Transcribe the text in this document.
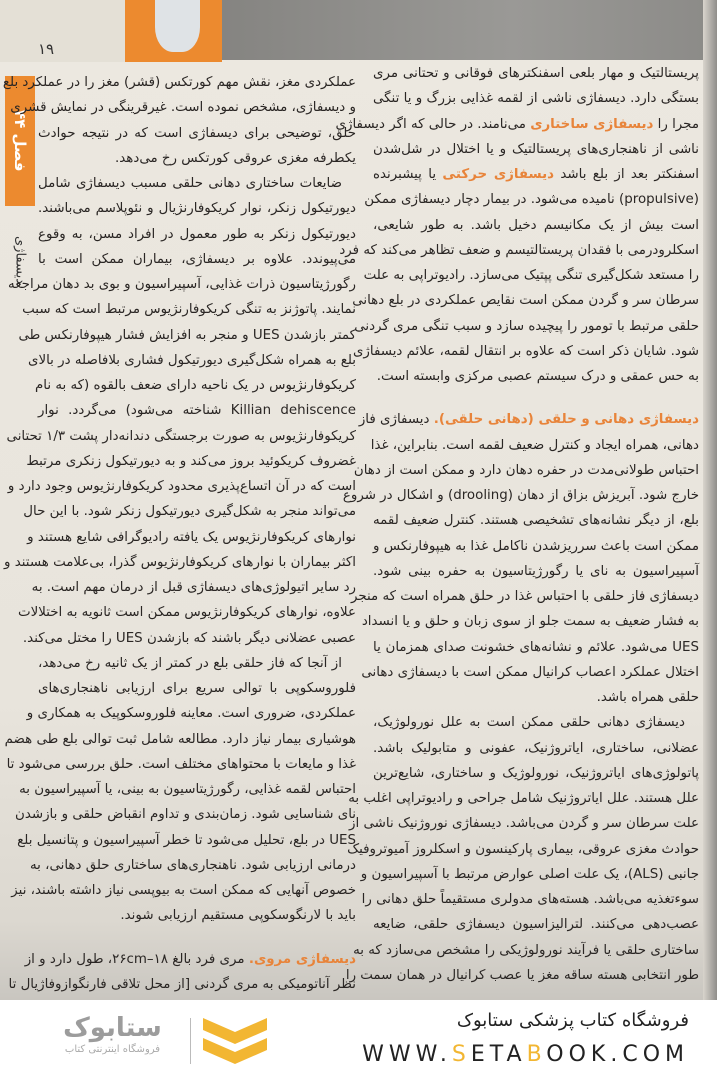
۱۹
فصل ۴۴
دیسفاژی
عملکردی مغز، نقش مهم کورتکس (قشر) مغز را در عملکرد بلع
و دیسفاژی، مشخص نموده است. غیرقرینگی در نمایش قشری
حلق، توضیحی برای دیسفاژی است که در نتیجه حوادث
یکطرفه مغزی عروقی کورتکس رخ می‌دهد.
ضایعات ساختاری دهانی حلقی مسبب دیسفاژی شامل
دیورتیکول زنکر، نوار کریکوفارنژیال و نئوپلاسم می‌باشند.
دیورتیکول زنکر به طور معمول در افراد مسن، به وقوع
می‌پیوندد. علاوه بر دیسفاژی، بیماران ممکن است با
رگورژیتاسیون ذرات غذایی، آسپیراسیون و بوی بد دهان مراجعه
نمایند. پاتوژنز به تنگی کریکوفارنژیوس مرتبط است که سبب
کمتر بازشدن UES و منجر به افزایش فشار هیپوفارنکس طی
بلع به همراه شکل‌گیری دیورتیکول فشاری بلافاصله در بالای
کریکوفارنژیوس در یک ناحیه دارای ضعف بالقوه (که به نام
Killian dehiscence شناخته می‌شود) می‌گردد. نوار
کریکوفارنژیوس به صورت برجستگی دندانه‌دار پشت ۱/۳ تحتانی
غضروف کریکوئید بروز می‌کند و به دیورتیکول زنکری مرتبط
است که در آن اتساع‌پذیری محدود کریکوفارنژیوس وجود دارد و
می‌تواند منجر به شکل‌گیری دیورتیکول زنکر شود. با این حال
نوارهای کریکوفارنژیوس یک یافته رادیوگرافی شایع هستند و
اکثر بیماران با نوارهای کریکوفارنژیوس گذرا، بی‌علامت هستند و
رد سایر اتیولوژی‌های دیسفاژی قبل از درمان مهم است. به
علاوه، نوارهای کریکوفارنژیوس ممکن است ثانویه به اختلالات
عصبی عضلانی دیگر باشند که بازشدن UES را مختل می‌کند.
از آنجا که فاز حلقی بلع در کمتر از یک ثانیه رخ می‌دهد،
فلوروسکوپی با توالی سریع برای ارزیابی ناهنجاری‌های
عملکردی، ضروری است. معاینه فلوروسکوپیک به همکاری و
هوشیاری بیمار نیاز دارد. مطالعه شامل ثبت توالی بلع طی هضم
غذا و مایعات با محتواهای مختلف است. حلق بررسی می‌شود تا
احتباس لقمه غذایی، رگورژیتاسیون به بینی، یا آسپیراسیون به
نای شناسایی شود. زمان‌بندی و تداوم انقباض حلقی و بازشدن
UES در بلع، تحلیل می‌شود تا خطر آسپیراسیون و پتانسیل بلع
درمانی ارزیابی شود. ناهنجاری‌های ساختاری حلق دهانی، به
خصوص آنهایی که ممکن است به بیوپسی نیاز داشته باشند، نیز
باید با لارنگوسکوپی مستقیم ارزیابی شوند.
دیسفاژی مروی. مری فرد بالغ ۱۸–۲۶cm، طول دارد و از
نظر آناتومیکی به مری گردنی [از محل تلاقی فارنگوازوفاژیال تا
پریستالتیک و مهار بلعی اسفنکترهای فوقانی و تحتانی مری
بستگی دارد. دیسفاژی ناشی از لقمه غذایی بزرگ و یا تنگی
مجرا را دیسفاژی ساختاری می‌نامند. در حالی که اگر دیسفاژی
ناشی از ناهنجاری‌های پریستالتیک و یا اختلال در شل‌شدن
اسفنکتر بعد از بلع باشد دیسفاژی حرکتی یا پیشبرنده
(propulsive) نامیده می‌شود. در بیمار دچار دیسفاژی ممکن
است بیش از یک مکانیسم دخیل باشد. به طور شایعی،
اسکلرودرمی با فقدان پریستالتیسم و ضعف تظاهر می‌کند که فرد
را مستعد شکل‌گیری تنگی پپتیک می‌سازد. رادیوتراپی به علت
سرطان سر و گردن ممکن است نقایص عملکردی در بلع دهانی
حلقی مرتبط با تومور را پیچیده سازد و سبب تنگی مری گردنی
شود. شایان ذکر است که علاوه بر انتقال لقمه، علائم دیسفاژی
به حس عمقی و درک سیستم عصبی مرکزی وابسته است.
دیسفاژی دهانی و حلقی (دهانی حلقی). دیسفاژی فاز
دهانی، همراه ایجاد و کنترل ضعیف لقمه است. بنابراین، غذا
احتباس طولانی‌مدت در حفره دهان دارد و ممکن است از دهان
خارج شود. آبریزش بزاق از دهان (drooling) و اشکال در شروع
بلع، از دیگر نشانه‌های تشخیصی هستند. کنترل ضعیف لقمه
ممکن است باعث سرریزشدن ناکامل غذا به هیپوفارنکس و
آسپیراسیون به نای یا رگورژیتاسیون به حفره بینی شود.
دیسفاژی فاز حلقی با احتباس غذا در حلق همراه است که منجر
به فشار ضعیف به سمت جلو از سوی زبان و حلق و یا انسداد
UES می‌شود. علائم و نشانه‌های خشونت صدای همزمان یا
اختلال عملکرد اعصاب کرانیال ممکن است با دیسفاژی دهانی
حلقی همراه باشد.
دیسفاژی دهانی حلقی ممکن است به علل نورولوژیک،
عضلانی، ساختاری، ایاتروژنیک، عفونی و متابولیک باشد.
پاتولوژی‌های ایاتروژنیک، نورولوژیک و ساختاری، شایع‌ترین
علل هستند. علل ایاتروژنیک شامل جراحی و رادیوتراپی اغلب به
علت سرطان سر و گردن می‌باشد. دیسفاژی نوروژنیک ناشی از
حوادث مغزی عروقی، بیماری پارکینسون و اسکلروز آمیوتروفیک
جانبی (ALS)، یک علت اصلی عوارض مرتبط با آسپیراسیون و
سوءتغذیه می‌باشد. هسته‌های مدولری مستقیماً حلق دهانی را
عصب‌دهی می‌کنند. لترالیزاسیون دیسفاژی حلقی، ضایعه
ساختاری حلقی یا فرآیند نورولوژیکی را مشخص می‌سازد که به
طور انتخابی هسته ساقه مغز یا عصب کرانیال در همان سمت را
ستابوک
فروشگاه اینترنتی کتاب
فروشگاه کتاب پزشکی ستابوک
WWW.SETABOOK.COM
